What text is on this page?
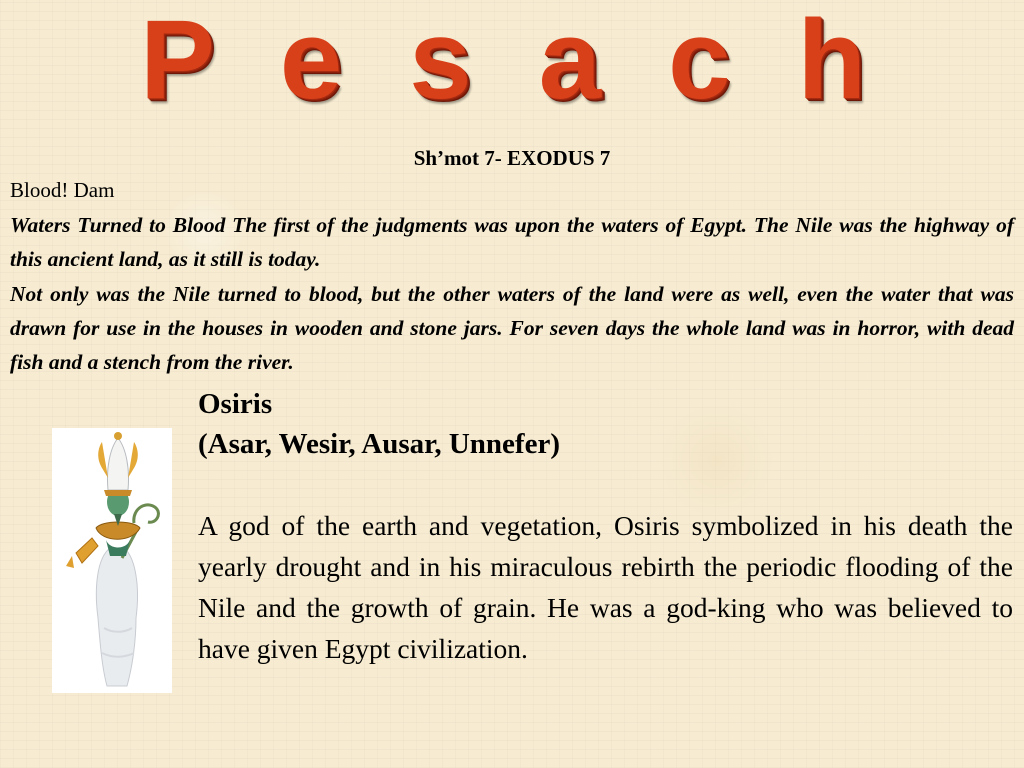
P e s a c h
Sh’mot 7- EXODUS 7
Blood! Dam
Waters Turned to Blood The first of the judgments was upon the waters of Egypt. The Nile was the highway of this ancient land, as it still is today.
Not only was the Nile turned to blood, but the other waters of the land were as well, even the water that was drawn for use in the houses in wooden and stone jars. For seven days the whole land was in horror, with dead fish and a stench from the river.
Osiris
(Asar, Wesir, Ausar, Unnefer)
A god of the earth and vegetation, Osiris symbolized in his death the yearly drought and in his miraculous rebirth the periodic flooding of the Nile and the growth of grain. He was a god-king who was believed to have given Egypt civilization.
